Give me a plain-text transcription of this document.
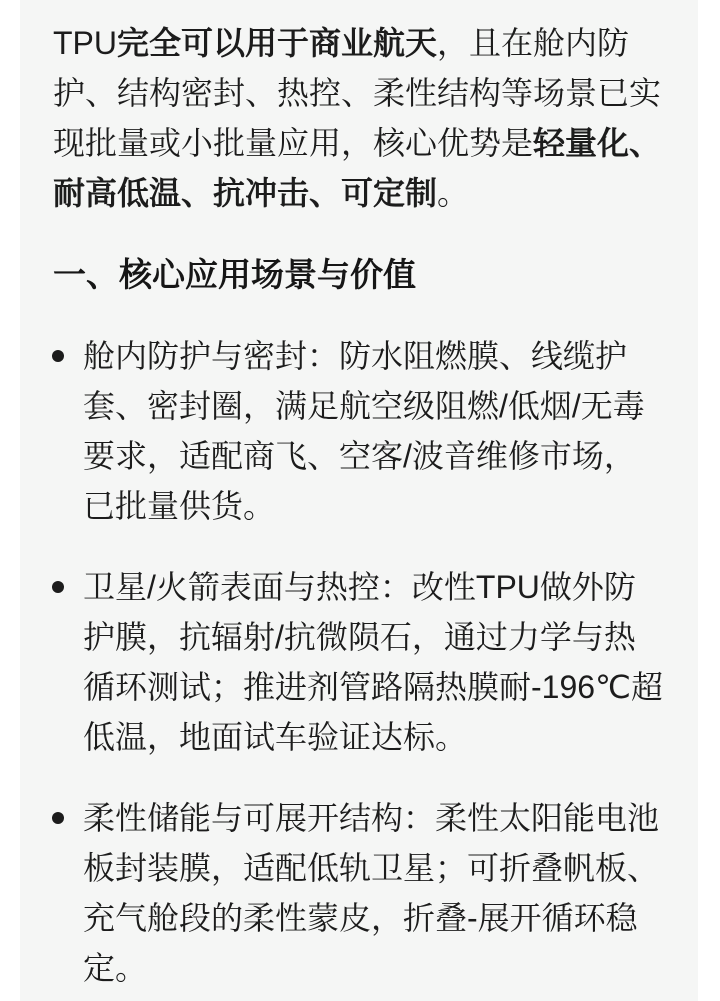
TPU完全可以用于商业航天，且在舱内防护、结构密封、热控、柔性结构等场景已实现批量或小批量应用，核心优势是轻量化、耐高低温、抗冲击、可定制。

一、核心应用场景与价值
舱内防护与密封：防水阻燃膜、线缆护套、密封圈，满足航空级阻燃/低烟/无毒要求，适配商飞、空客/波音维修市场，已批量供货。
卫星/火箭表面与热控：改性TPU做外防护膜，抗辐射/抗微陨石，通过力学与热循环测试；推进剂管路隔热膜耐-196℃超低温，地面试车验证达标。
柔性储能与可展开结构：柔性太阳能电池板封装膜，适配低轨卫星；可折叠帆板、充气舱段的柔性蒙皮，折叠-展开循环稳定。
